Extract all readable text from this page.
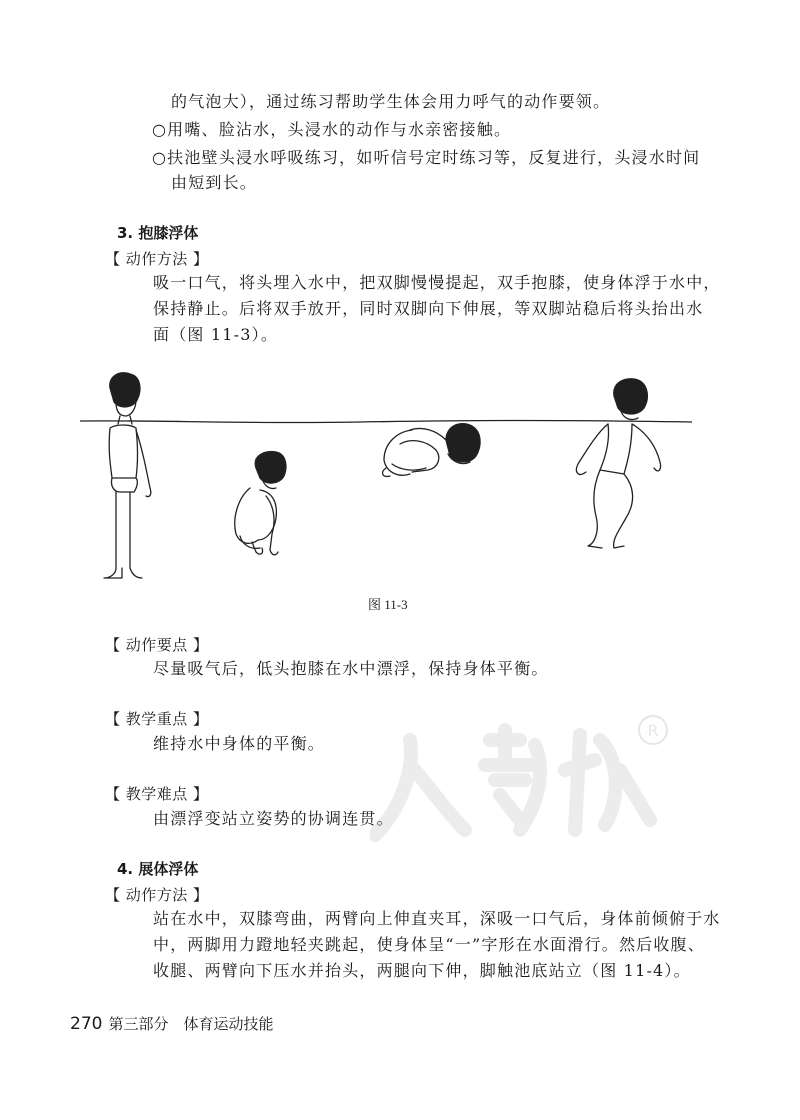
R
的气泡大），通过练习帮助学生体会用力呼气的动作要领。
○用嘴、脸沾水，头浸水的动作与水亲密接触。
○扶池壁头浸水呼吸练习，如听信号定时练习等，反复进行，头浸水时间
由短到长。
3. 抱膝浮体
【 动作方法 】
吸一口气，将头埋入水中，把双脚慢慢提起，双手抱膝，使身体浮于水中，
保持静止。后将双手放开，同时双脚向下伸展，等双脚站稳后将头抬出水
面（图 11-3）。
图 11-3
【 动作要点 】
尽量吸气后，低头抱膝在水中漂浮，保持身体平衡。
【 教学重点 】
维持水中身体的平衡。
【 教学难点 】
由漂浮变站立姿势的协调连贯。
4. 展体浮体
【 动作方法 】
站在水中，双膝弯曲，两臂向上伸直夹耳，深吸一口气后，身体前倾俯于水
中，两脚用力蹬地轻夹跳起，使身体呈“一”字形在水面滑行。然后收腹、
收腿、两臂向下压水并抬头，两腿向下伸，脚触池底站立（图 11-4）。
270 第三部分　体育运动技能
